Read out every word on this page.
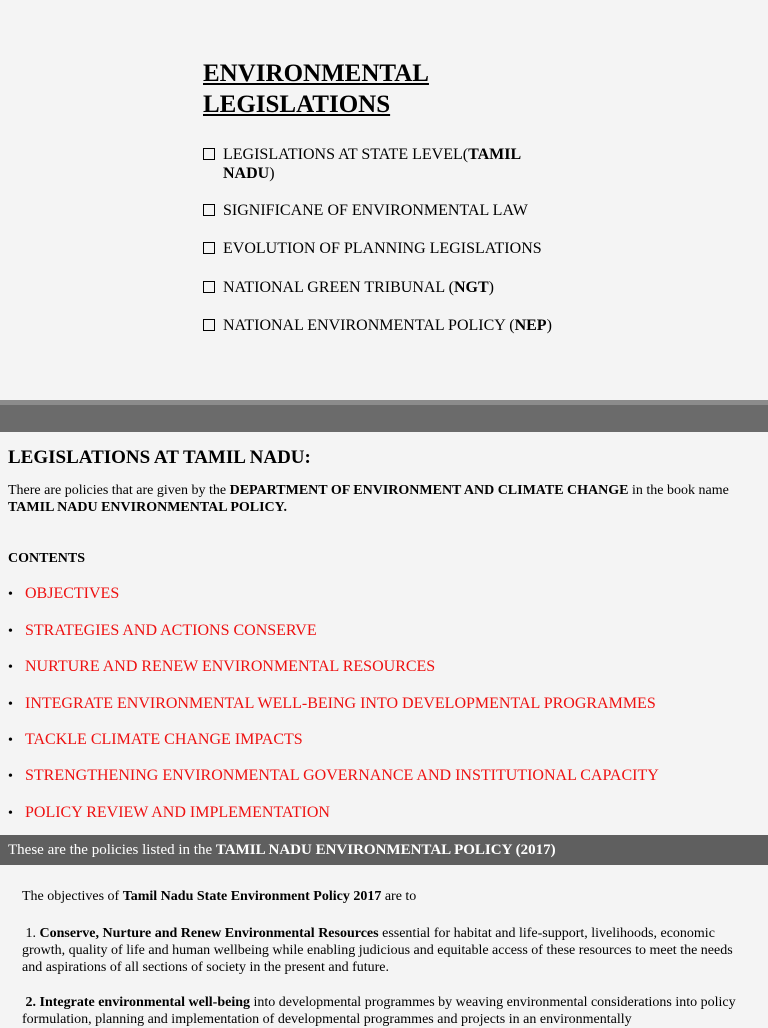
ENVIRONMENTAL LEGISLATIONS
LEGISLATIONS AT STATE LEVEL(TAMIL NADU)
SIGNIFICANE OF ENVIRONMENTAL LAW
EVOLUTION OF PLANNING LEGISLATIONS
NATIONAL GREEN TRIBUNAL (NGT)
NATIONAL ENVIRONMENTAL POLICY (NEP)
LEGISLATIONS AT TAMIL NADU:
There are policies that are given by the DEPARTMENT OF ENVIRONMENT AND CLIMATE CHANGE in the book name
TAMIL NADU ENVIRONMENTAL POLICY.
CONTENTS
• OBJECTIVES
• STRATEGIES AND ACTIONS CONSERVE
• NURTURE AND RENEW ENVIRONMENTAL RESOURCES
• INTEGRATE ENVIRONMENTAL WELL-BEING INTO DEVELOPMENTAL PROGRAMMES
• TACKLE CLIMATE CHANGE IMPACTS
• STRENGTHENING ENVIRONMENTAL GOVERNANCE AND INSTITUTIONAL CAPACITY
• POLICY REVIEW AND IMPLEMENTATION
These are the policies listed in the TAMIL NADU ENVIRONMENTAL POLICY (2017)
The objectives of Tamil Nadu State Environment Policy 2017 are to
1. Conserve, Nurture and Renew Environmental Resources essential for habitat and life-support, livelihoods, economic growth, quality of life and human wellbeing while enabling judicious and equitable access of these resources to meet the needs and aspirations of all sections of society in the present and future.
2. Integrate environmental well-being into developmental programmes by weaving environmental considerations into policy formulation, planning and implementation of developmental programmes and projects in an environmentally
